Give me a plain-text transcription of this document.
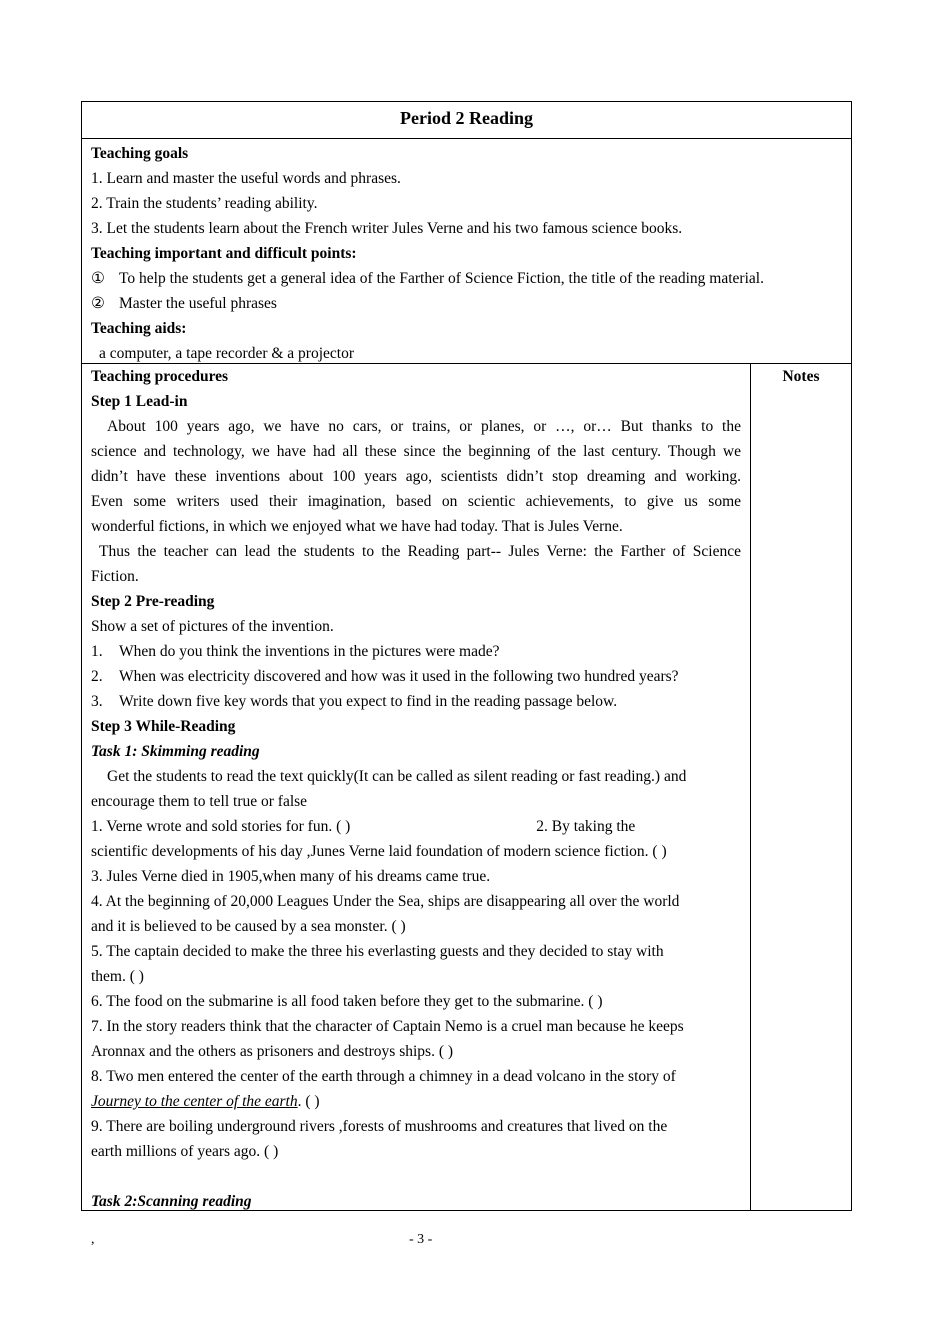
Period 2 Reading
Teaching goals
1. Learn and master the useful words and phrases.
2. Train the students’ reading ability.
3. Let the students learn about the French writer Jules Verne and his two famous science books.
Teaching important and difficult points:
① To help the students get a general idea of the Farther of Science Fiction, the title of the reading material.
② Master the useful phrases
Teaching aids:
a computer, a tape recorder & a projector
Teaching procedures
Step 1 Lead-in
About 100 years ago, we have no cars, or trains, or planes, or …, or… But thanks to the
science and technology, we have had all these since the beginning of the last century. Though we
didn’t have these inventions about 100 years ago, scientists didn’t stop dreaming and working.
Even some writers used their imagination, based on scientic achievements, to give us some
wonderful fictions, in which we enjoyed what we have had today. That is Jules Verne.
Thus the teacher can lead the students to the Reading part-- Jules Verne: the Farther of Science
Fiction.
Step 2 Pre-reading
Show a set of pictures of the invention.
1. When do you think the inventions in the pictures were made?
2. When was electricity discovered and how was it used in the following two hundred years?
3. Write down five key words that you expect to find in the reading passage below.
Step 3 While-Reading
Task 1: Skimming reading
Get the students to read the text quickly(It can be called as silent reading or fast reading.) and
encourage them to tell true or false
1. Verne wrote and sold stories for fun. ( )	2. By taking the
scientific developments of his day ,Junes Verne laid foundation of modern science fiction. ( )
3. Jules Verne died in 1905,when many of his dreams came true.
4. At the beginning of 20,000 Leagues Under the Sea, ships are disappearing all over the world
and it is believed to be caused by a sea monster. ( )
5. The captain decided to make the three his everlasting guests and they decided to stay with
them. ( )
6. The food on the submarine is all food taken before they get to the submarine. ( )
7. In the story readers think that the character of Captain Nemo is a cruel man because he keeps
Aronnax and the others as prisoners and destroys ships. ( )
8. Two men entered the center of the earth through a chimney in a dead volcano in the story of
Journey to the center of the earth. ( )
9. There are boiling underground rivers ,forests of mushrooms and creatures that lived on the
earth millions of years ago. ( )
Task 2:Scanning reading
Notes
,	- 3 -
